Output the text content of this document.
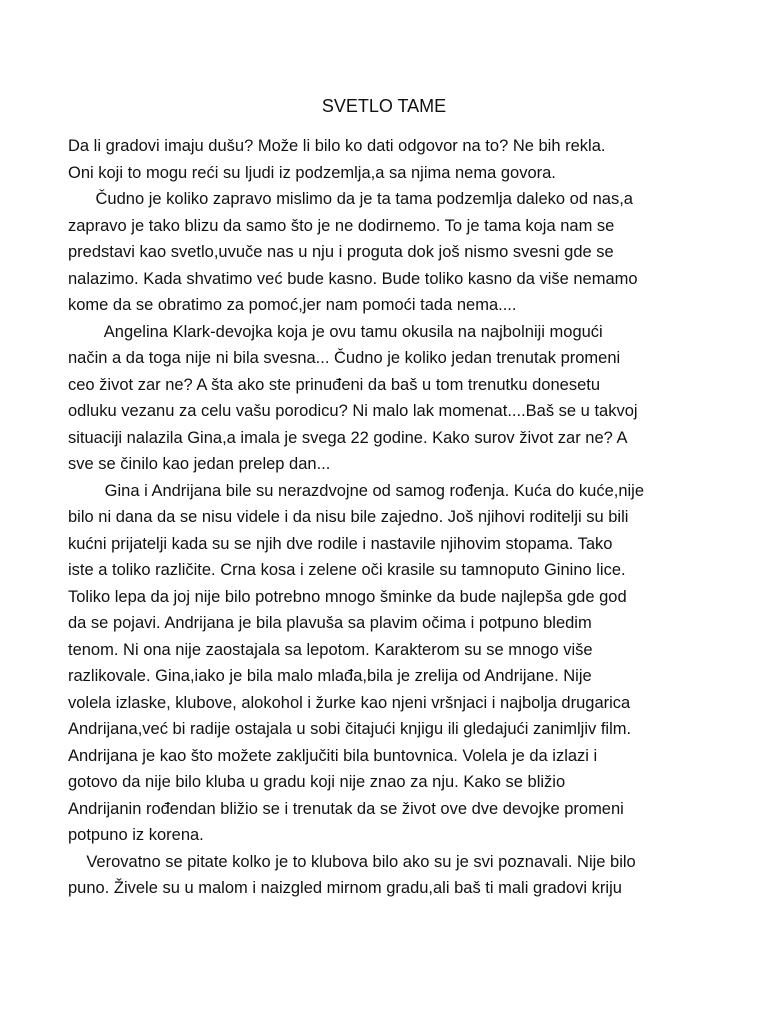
SVETLO TAME
Da li gradovi imaju dušu? Može li bilo ko dati odgovor na to? Ne bih rekla.
Oni koji to mogu reći su ljudi iz podzemlja,a sa njima nema govora.
Čudno je koliko zapravo mislimo da je ta tama podzemlja daleko od nas,a
zapravo je tako blizu da samo što je ne dodirnemo. To je tama koja nam se
predstavi kao svetlo,uvuče nas u nju i proguta dok još nismo svesni gde se
nalazimo. Kada shvatimo već bude kasno. Bude toliko kasno da više nemamo
kome da se obratimo za pomoć,jer nam pomoći tada nema....
Angelina Klark-devojka koja je ovu tamu okusila na najbolniji mogući
način a da toga nije ni bila svesna... Čudno je koliko jedan trenutak promeni
ceo život zar ne? A šta ako ste prinuđeni da baš u tom trenutku donesetu
odluku vezanu za celu vašu porodicu? Ni malo lak momenat....Baš se u takvoj
situaciji nalazila Gina,a imala je svega 22 godine. Kako surov život zar ne? A
sve se činilo kao jedan prelep dan...
Gina i Andrijana bile su nerazdvojne od samog rođenja. Kuća do kuće,nije
bilo ni dana da se nisu videle i da nisu bile zajedno. Još njihovi roditelji su bili
kućni prijatelji kada su se njih dve rodile i nastavile njihovim stopama. Tako
iste a toliko različite. Crna kosa i zelene oči krasile su tamnoputo Ginino lice.
Toliko lepa da joj nije bilo potrebno mnogo šminke da bude najlepša gde god
da se pojavi. Andrijana je bila plavuša sa plavim očima i potpuno bledim
tenom. Ni ona nije zaostajala sa lepotom. Karakterom su se mnogo više
razlikovale. Gina,iako je bila malo mlađa,bila je zrelija od Andrijane. Nije
volela izlaske, klubove, alokohol i žurke kao njeni vršnjaci i najbolja drugarica
Andrijana,već bi radije ostajala u sobi čitajući knjigu ili gledajući zanimljiv film.
Andrijana je kao što možete zaključiti bila buntovnica. Volela je da izlazi i
gotovo da nije bilo kluba u gradu koji nije znao za nju. Kako se bližio
Andrijanin rođendan bližio se i trenutak da se život ove dve devojke promeni
potpuno iz korena.
Verovatno se pitate kolko je to klubova bilo ako su je svi poznavali. Nije bilo
puno. Živele su u malom i naizgled mirnom gradu,ali baš ti mali gradovi kriju
